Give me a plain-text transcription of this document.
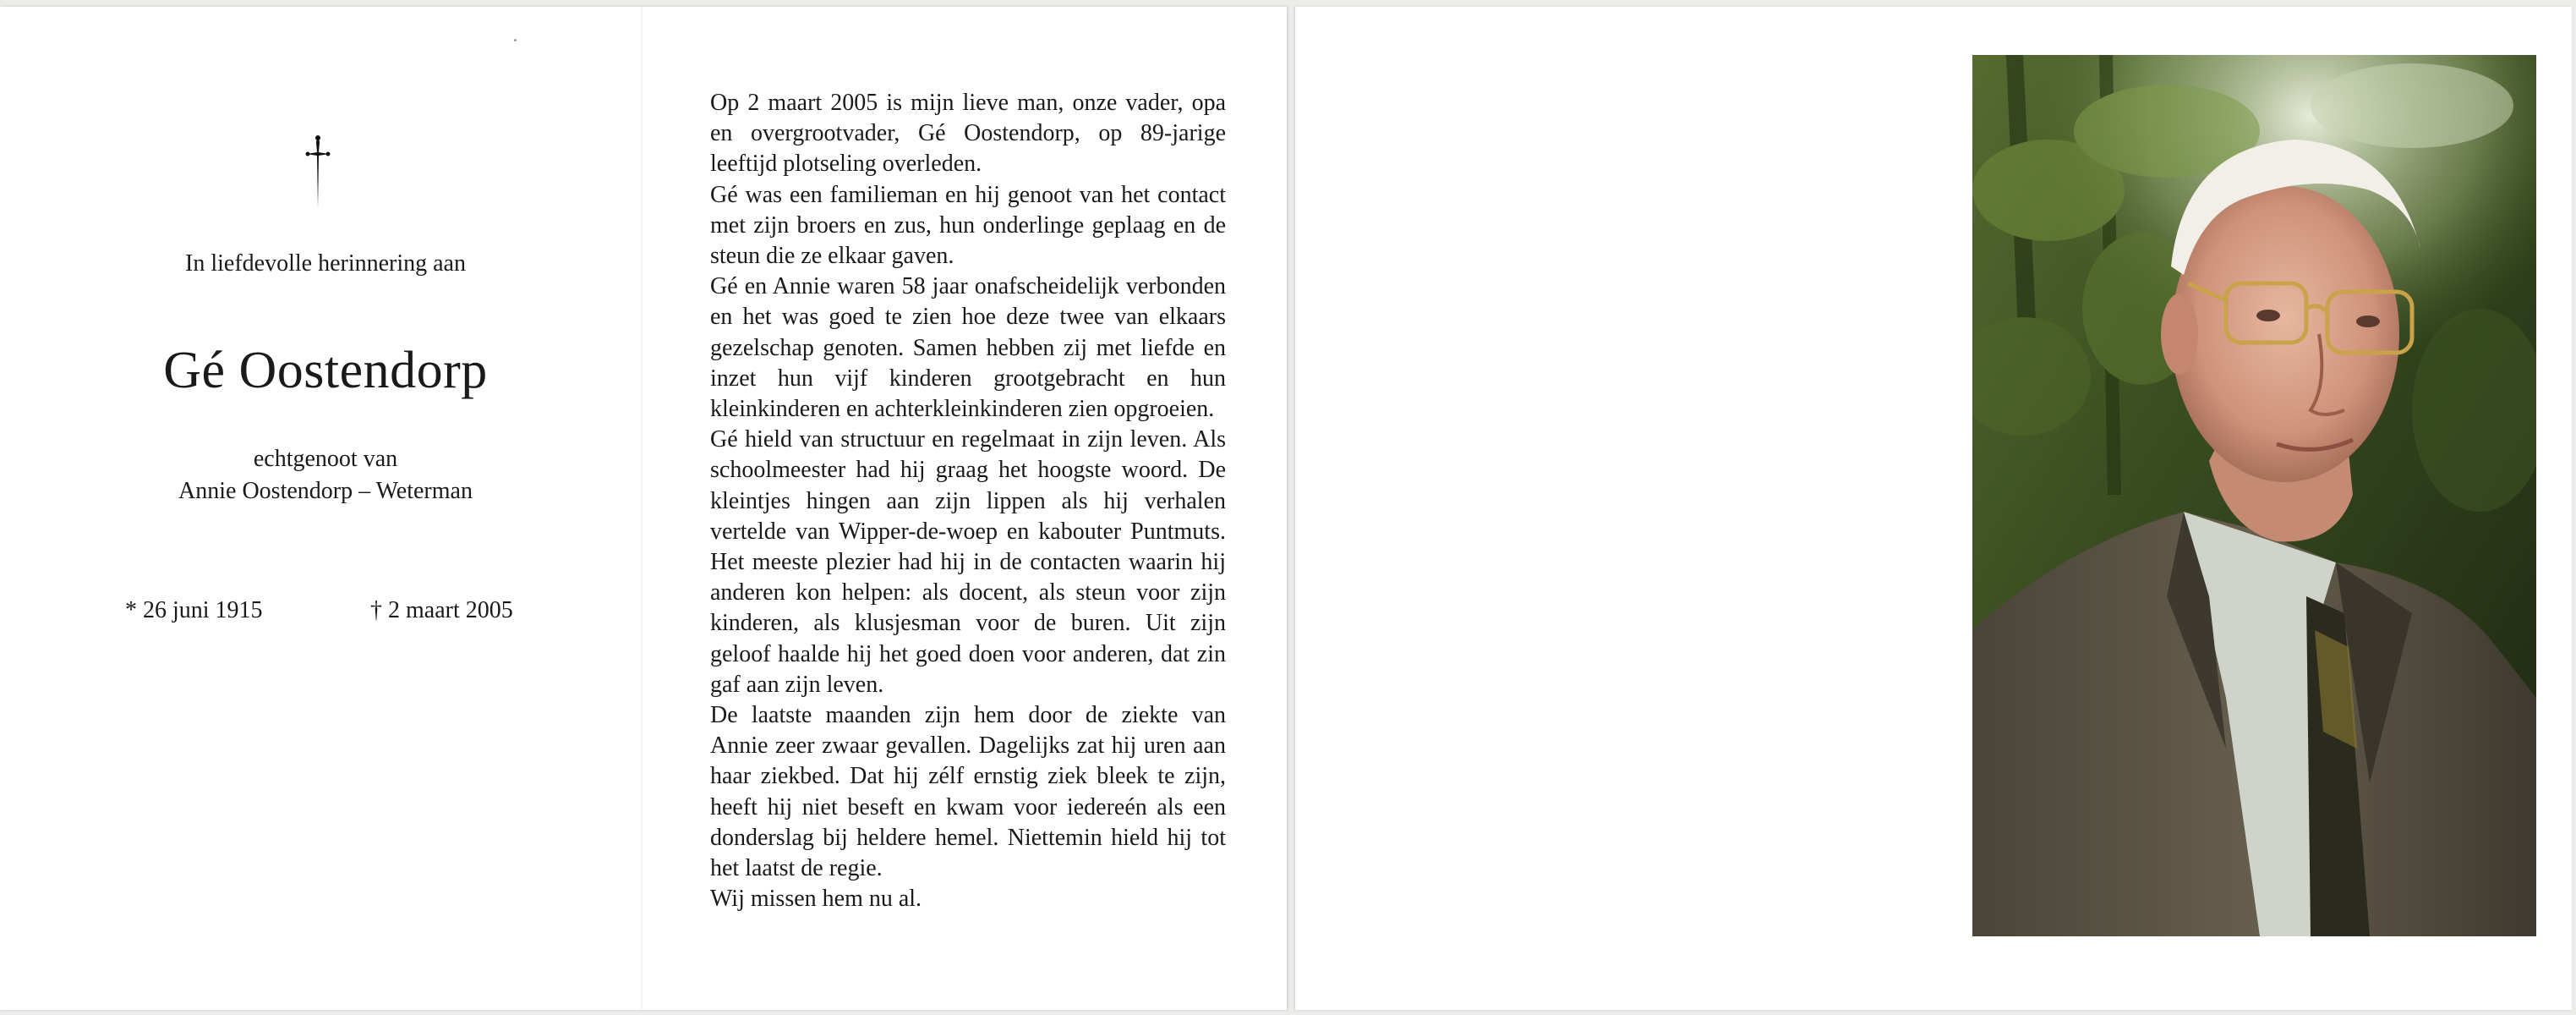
In liefdevolle herinnering aan
Gé Oostendorp
echtgenoot van
Annie Oostendorp – Weterman
* 26 juni 1915	† 2 maart 2005

Op 2 maart 2005 is mijn lieve man, onze vader, opa en overgrootvader, Gé Oostendorp, op 89-jarige leeftijd plotseling overleden.

Gé was een familieman en hij genoot van het contact met zijn broers en zus, hun onderlinge geplaag en de steun die ze elkaar gaven.

Gé en Annie waren 58 jaar onafscheidelijk verbonden en het was goed te zien hoe deze twee van elkaars gezelschap genoten. Samen hebben zij met liefde en inzet hun vijf kinderen grootgebracht en hun kleinkinderen en achterkleinkinderen zien opgroeien.

Gé hield van structuur en regelmaat in zijn leven. Als schoolmeester had hij graag het hoogste woord. De kleintjes hingen aan zijn lippen als hij verhalen vertelde van Wipper-de-woep en kabouter Puntmuts. Het meeste plezier had hij in de contacten waarin hij anderen kon helpen: als docent, als steun voor zijn kinderen, als klusjesman voor de buren. Uit zijn geloof haalde hij het goed doen voor anderen, dat zin gaf aan zijn leven.

De laatste maanden zijn hem door de ziekte van Annie zeer zwaar gevallen. Dagelijks zat hij uren aan haar ziekbed. Dat hij zélf ernstig ziek bleek te zijn, heeft hij niet beseft en kwam voor iedereén als een donderslag bij heldere hemel. Niettemin hield hij tot het laatst de regie.

Wij missen hem nu al.
